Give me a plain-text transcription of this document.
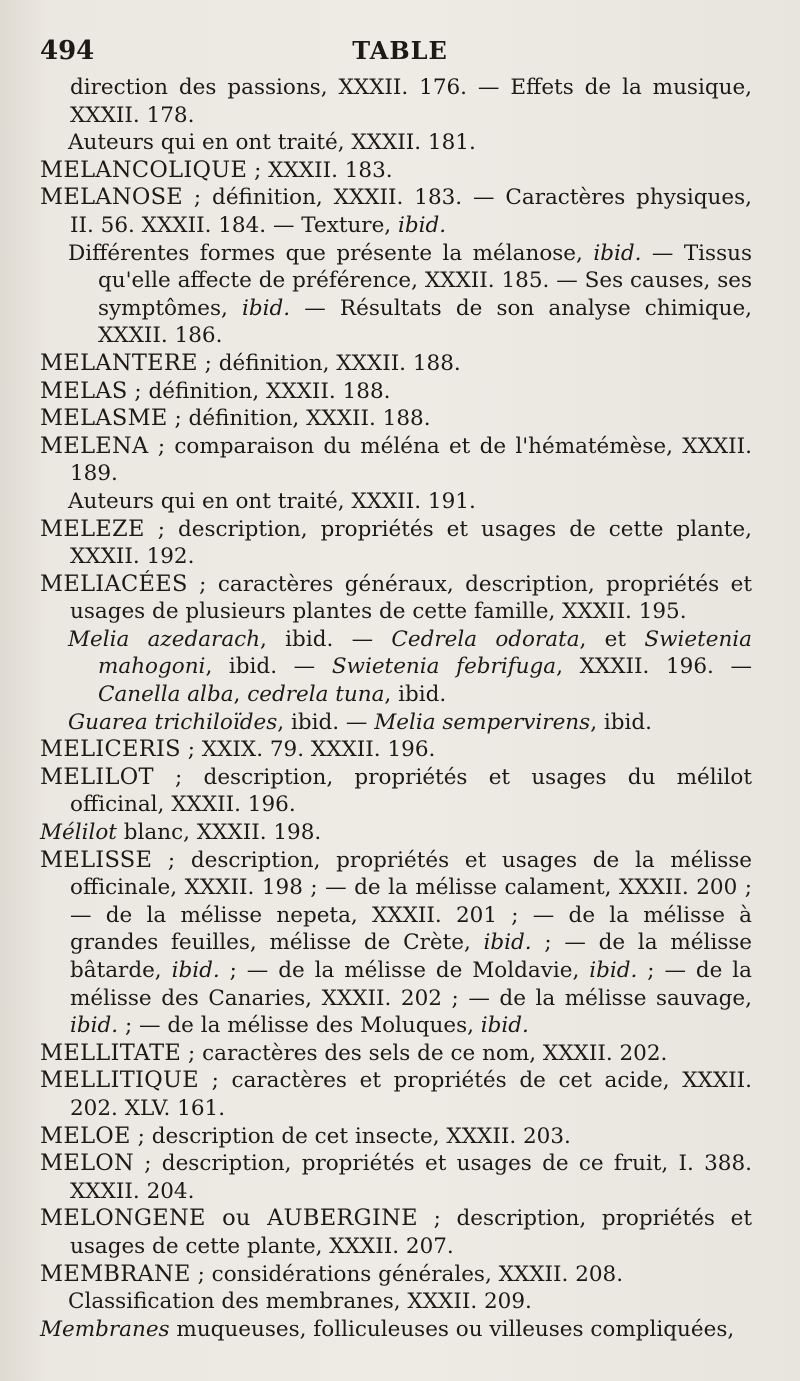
494	TABLE

direction des passions, XXXII. 176. — Effets de la musique, XXXII. 178.

Auteurs qui en ont traité, XXXII. 181.

MELANCOLIQUE ; XXXII. 183.

MELANOSE ; définition, XXXII. 183. — Caractères physiques, II. 56. XXXII. 184. — Texture, ibid.

Différentes formes que présente la mélanose, ibid. — Tissus qu'elle affecte de préférence, XXXII. 185. — Ses causes, ses symptômes, ibid. — Résultats de son analyse chimique, XXXII. 186.

MELANTERE ; définition, XXXII. 188.

MELAS ; définition, XXXII. 188.

MELASME ; définition, XXXII. 188.

MELENA ; comparaison du méléna et de l'hématémèse, XXXII. 189.

Auteurs qui en ont traité, XXXII. 191.

MELEZE ; description, propriétés et usages de cette plante, XXXII. 192.

MELIACÉES ; caractères généraux, description, propriétés et usages de plusieurs plantes de cette famille, XXXII. 195.

Melia azedarach, ibid. — Cedrela odorata, et Swietenia mahogoni, ibid. — Swietenia febrifuga, XXXII. 196. — Canella alba, cedrela tuna, ibid.

Guarea trichiloïdes, ibid. — Melia sempervirens, ibid.

MELICERIS ; XXIX. 79. XXXII. 196.

MELILOT ; description, propriétés et usages du mélilot officinal, XXXII. 196.

Mélilot blanc, XXXII. 198.

MELISSE ; description, propriétés et usages de la mélisse officinale, XXXII. 198 ; — de la mélisse calament, XXXII. 200 ; — de la mélisse nepeta, XXXII. 201 ; — de la mélisse à grandes feuilles, mélisse de Crète, ibid. ; — de la mélisse bâtarde, ibid. ; — de la mélisse de Moldavie, ibid. ; — de la mélisse des Canaries, XXXII. 202 ; — de la mélisse sauvage, ibid. ; — de la mélisse des Moluques, ibid.

MELLITATE ; caractères des sels de ce nom, XXXII. 202.

MELLITIQUE ; caractères et propriétés de cet acide, XXXII. 202. XLV. 161.

MELOE ; description de cet insecte, XXXII. 203.

MELON ; description, propriétés et usages de ce fruit, I. 388. XXXII. 204.

MELONGENE ou AUBERGINE ; description, propriétés et usages de cette plante, XXXII. 207.

MEMBRANE ; considérations générales, XXXII. 208.

Classification des membranes, XXXII. 209.

Membranes muqueuses, folliculeuses ou villeuses compliquées,
